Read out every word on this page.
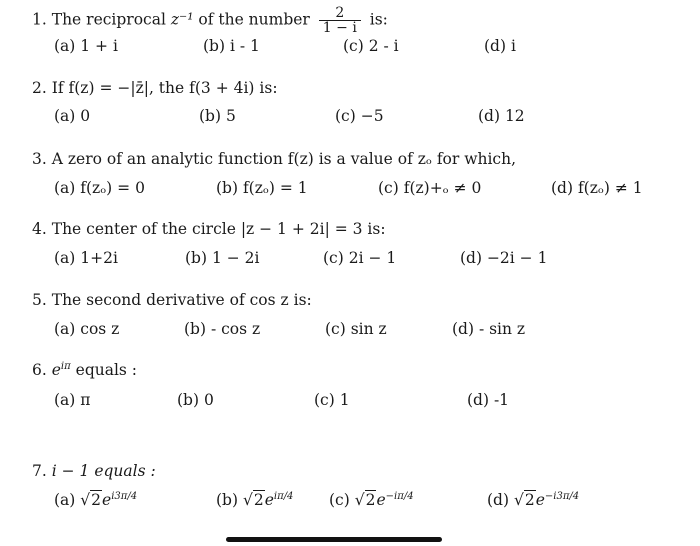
1. The reciprocal z⁻¹ of the number $\frac{2}{1 - i}$ is:
(a) 1 + i	(b) i - 1	(c) 2 - i	(d) i
2. If f(z) = −|z̄|, the f(3 + 4i) is:
(a) 0	(b) 5	(c) −5	(d) 12
3. A zero of an analytic function f(z) is a value of zₒ for which,
(a) f(zₒ) = 0	(b) f(zₒ) = 1	(c) f(z)+ₒ ≠ 0	(d) f(zₒ) ≠ 1
4. The center of the circle |z − 1 + 2i| = 3 is:
(a) 1+2i	(b) 1 − 2i	(c) 2i − 1	(d) −2i − 1
5. The second derivative of cos z is:
(a) cos z	(b) - cos z	(c) sin z	(d) - sin z
6. $e^{i\pi}$ equals :
(a) π	(b) 0	(c) 1	(d) -1
7. i − 1 equals :
(a) $√2e^{i3\pi/4}$	(b) $√2e^{i\pi/4}$ (c) $√2e^{-i\pi/4}$	(d) $√2e^{-i3\pi/4}$
